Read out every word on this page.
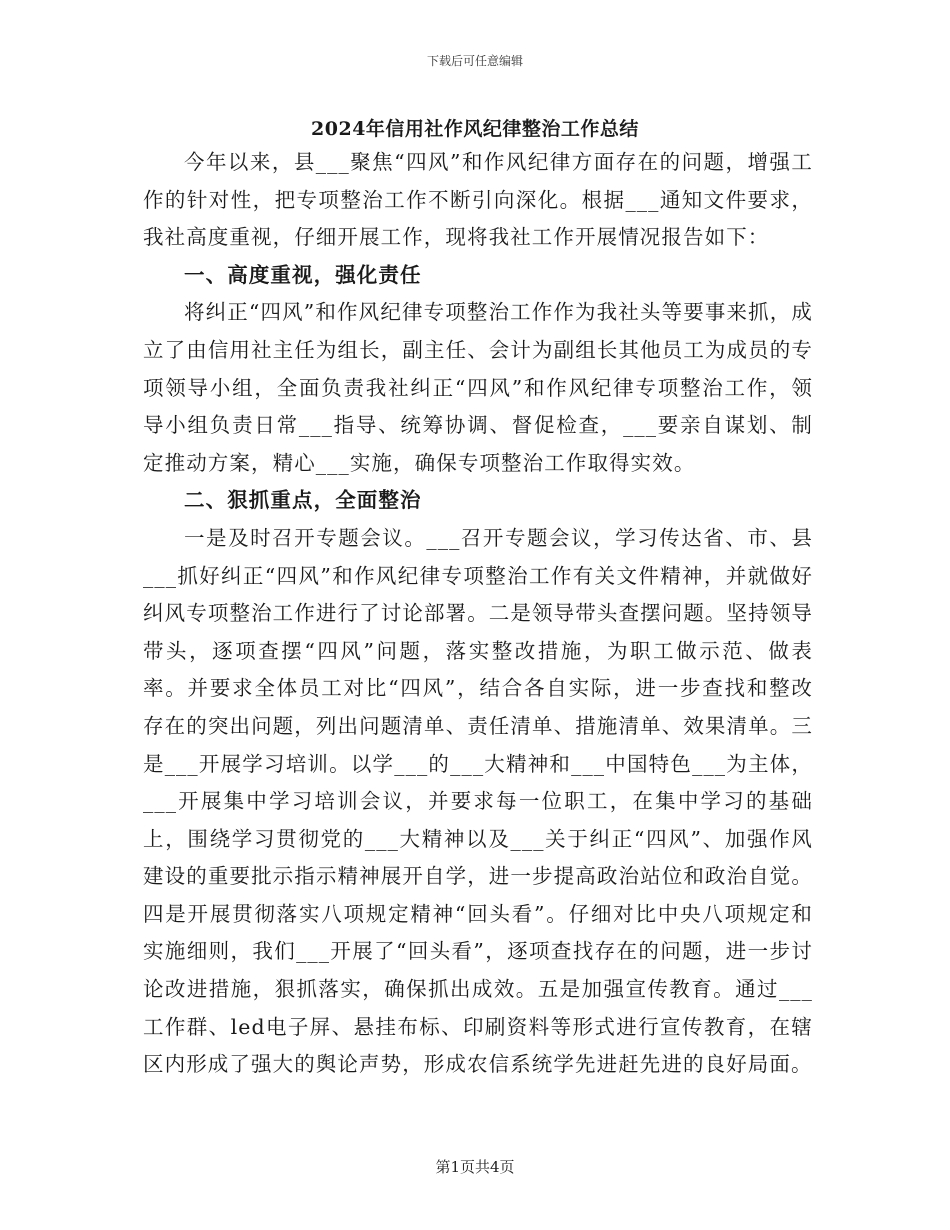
下载后可任意编辑
2024年信用社作风纪律整治工作总结

今年以来，县___聚焦“四风”和作风纪律方面存在的问题，增强工作的针对性，把专项整治工作不断引向深化。根据___通知文件要求，我社高度重视，仔细开展工作，现将我社工作开展情况报告如下：

一、高度重视，强化责任

将纠正“四风”和作风纪律专项整治工作作为我社头等要事来抓，成立了由信用社主任为组长，副主任、会计为副组长其他员工为成员的专项领导小组，全面负责我社纠正“四风”和作风纪律专项整治工作，领导小组负责日常___指导、统筹协调、督促检查，___要亲自谋划、制定推动方案，精心___实施，确保专项整治工作取得实效。

二、狠抓重点，全面整治

一是及时召开专题会议。___召开专题会议，学习传达省、市、县___抓好纠正“四风”和作风纪律专项整治工作有关文件精神，并就做好纠风专项整治工作进行了讨论部署。二是领导带头查摆问题。坚持领导带头，逐项查摆“四风”问题，落实整改措施，为职工做示范、做表率。并要求全体员工对比“四风”，结合各自实际，进一步查找和整改存在的突出问题，列出问题清单、责任清单、措施清单、效果清单。三是___开展学习培训。以学___的___大精神和___中国特色___为主体，___开展集中学习培训会议，并要求每一位职工，在集中学习的基础上，围绕学习贯彻党的___大精神以及___关于纠正“四风”、加强作风建设的重要批示指示精神展开自学，进一步提高政治站位和政治自觉。四是开展贯彻落实八项规定精神“回头看”。仔细对比中央八项规定和实施细则，我们___开展了“回头看”，逐项查找存在的问题，进一步讨论改进措施，狠抓落实，确保抓出成效。五是加强宣传教育。通过___工作群、led电子屏、悬挂布标、印刷资料等形式进行宣传教育，在辖区内形成了强大的舆论声势，形成农信系统学先进赶先进的良好局面。

第1页共4页
